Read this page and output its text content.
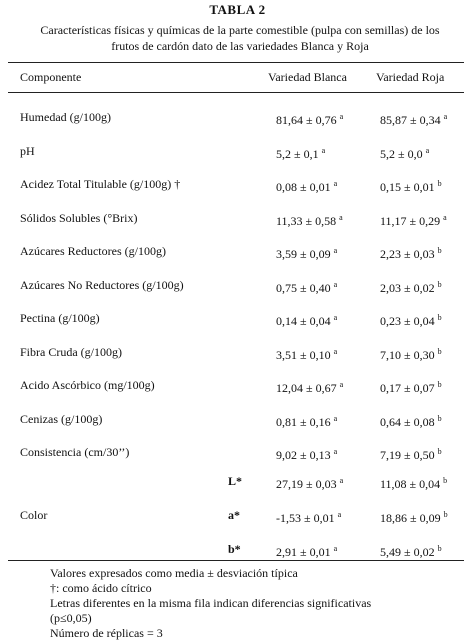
TABLA 2
Características físicas y químicas de la parte comestible (pulpa con semillas) de los frutos de cardón dato de las variedades Blanca y Roja
Componente	Variedad Blanca Variedad Roja
Humedad (g/100g)	81,64 ± 0,76 $^a$	85,87 ± 0,34 $^a$
pH	5,2 ± 0,1 $^a$	5,2 ± 0,0 $^a$
Acidez Total Titulable (g/100g) †	0,08 ± 0,01 $^a$	0,15 ± 0,01 $^b$
Sólidos Solubles (°Brix)	11,33 ± 0,58 $^a$	11,17 ± 0,29 $^a$
Azúcares Reductores (g/100g)	3,59 ± 0,09 $^a$	2,23 ± 0,03 $^b$
Azúcares No Reductores (g/100g)	0,75 ± 0,40 $^a$	2,03 ± 0,02 $^b$
Pectina (g/100g)	0,14 ± 0,04 $^a$	0,23 ± 0,04 $^b$
Fibra Cruda (g/100g)	3,51 ± 0,10 $^a$	7,10 ± 0,30 $^b$
Acido Ascórbico (mg/100g)	12,04 ± 0,67 $^a$	0,17 ± 0,07 $^b$
Cenizas (g/100g)	0,81 ± 0,16 $^a$	0,64 ± 0,08 $^b$
Consistencia (cm/30’’)	9,02 ± 0,13 $^a$	7,19 ± 0,50 $^b$
Color
L*	27,19 ± 0,03 $^a$	11,08 ± 0,04 $^b$
a*	-1,53 ± 0,01 $^a$	18,86 ± 0,09 $^b$
b*	2,91 ± 0,01 $^a$	5,49 ± 0,02 $^b$
Valores expresados como media ± desviación típica
†: como ácido cítrico
Letras diferentes en la misma fila indican diferencias significativas
(p≤0,05)
Número de réplicas = 3
